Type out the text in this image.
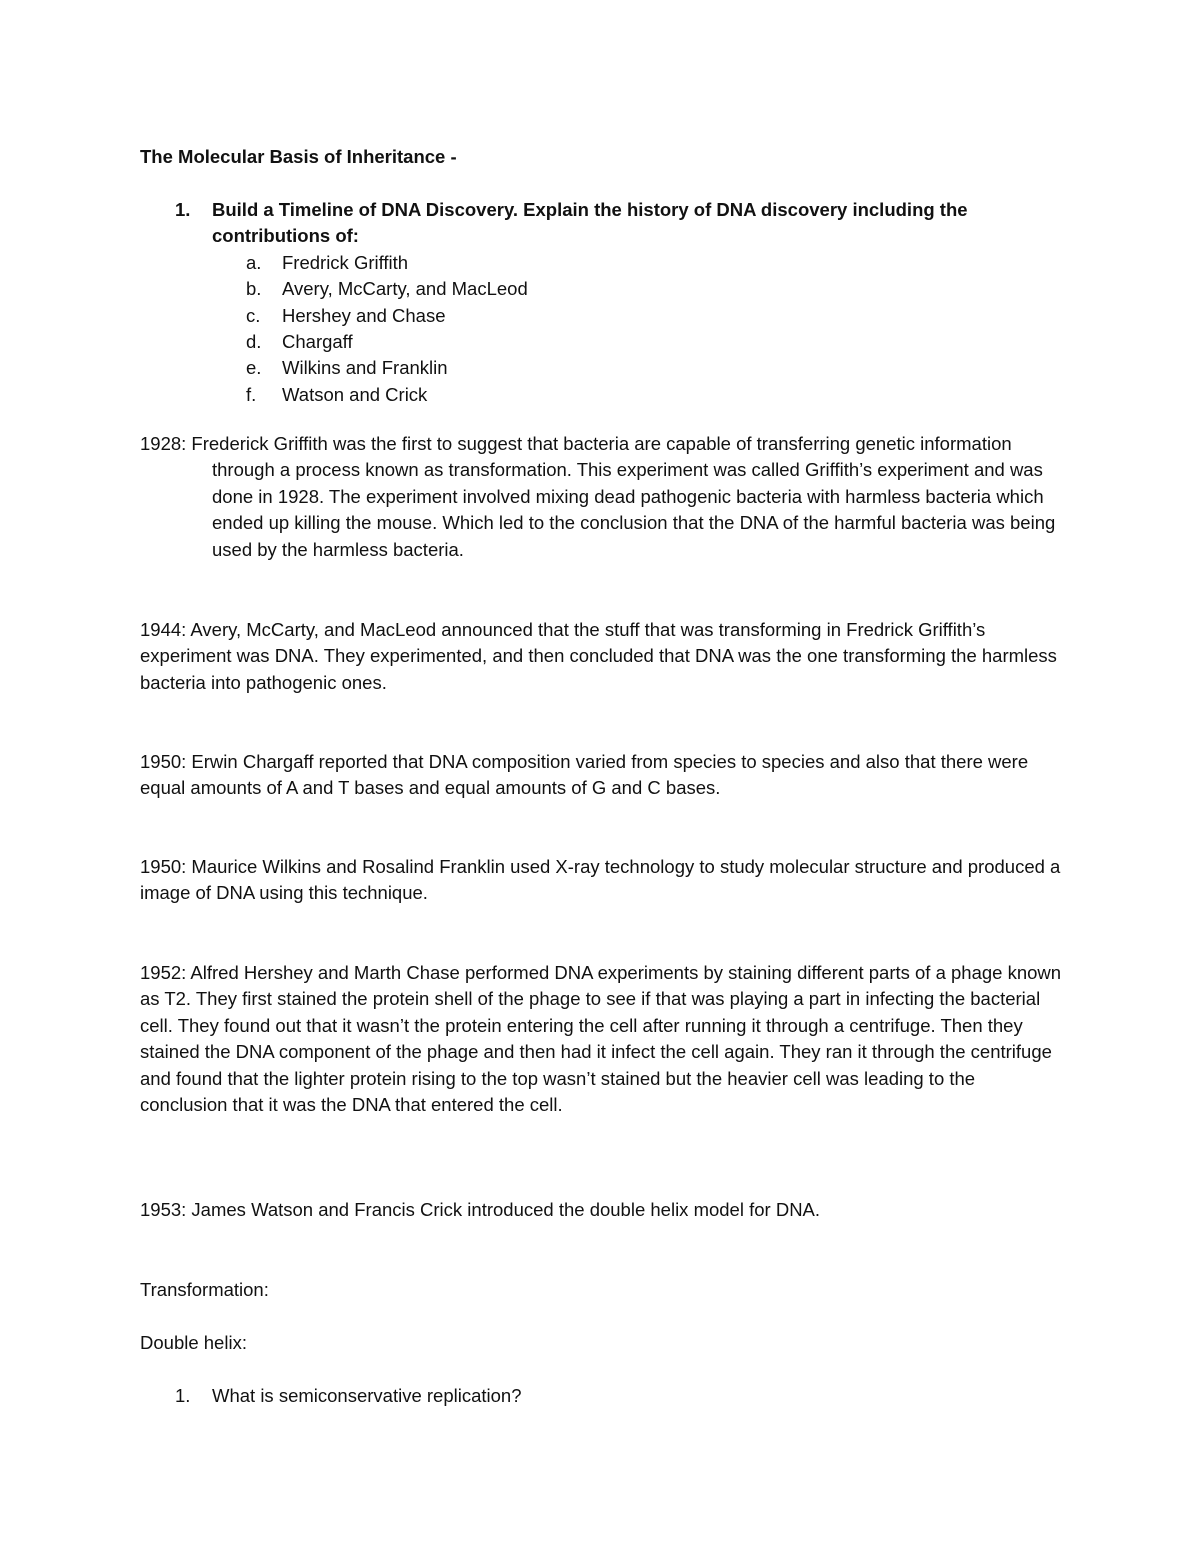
The Molecular Basis of Inheritance -
1. Build a Timeline of DNA Discovery. Explain the history of DNA discovery including the contributions of:
a. Fredrick Griffith
b. Avery, McCarty, and MacLeod
c. Hershey and Chase
d. Chargaff
e. Wilkins and Franklin
f. Watson and Crick

1928: Frederick Griffith was the first to suggest that bacteria are capable of transferring genetic information through a process known as transformation. This experiment was called Griffith’s experiment and was done in 1928. The experiment involved mixing dead pathogenic bacteria with harmless bacteria which ended up killing the mouse. Which led to the conclusion that the DNA of the harmful bacteria was being used by the harmless bacteria.

1944: Avery, McCarty, and MacLeod announced that the stuff that was transforming in Fredrick Griffith’s experiment was DNA. They experimented, and then concluded that DNA was the one transforming the harmless bacteria into pathogenic ones.

1950: Erwin Chargaff reported that DNA composition varied from species to species and also that there were equal amounts of A and T bases and equal amounts of G and C bases.

1950: Maurice Wilkins and Rosalind Franklin used X-ray technology to study molecular structure and produced a image of DNA using this technique.

1952: Alfred Hershey and Marth Chase performed DNA experiments by staining different parts of a phage known as T2. They first stained the protein shell of the phage to see if that was playing a part in infecting the bacterial cell. They found out that it wasn’t the protein entering the cell after running it through a centrifuge. Then they stained the DNA component of the phage and then had it infect the cell again. They ran it through the centrifuge and found that the lighter protein rising to the top wasn’t stained but the heavier cell was leading to the conclusion that it was the DNA that entered the cell.

1953: James Watson and Francis Crick introduced the double helix model for DNA.

Transformation:
Double helix:
1. What is semiconservative replication?
